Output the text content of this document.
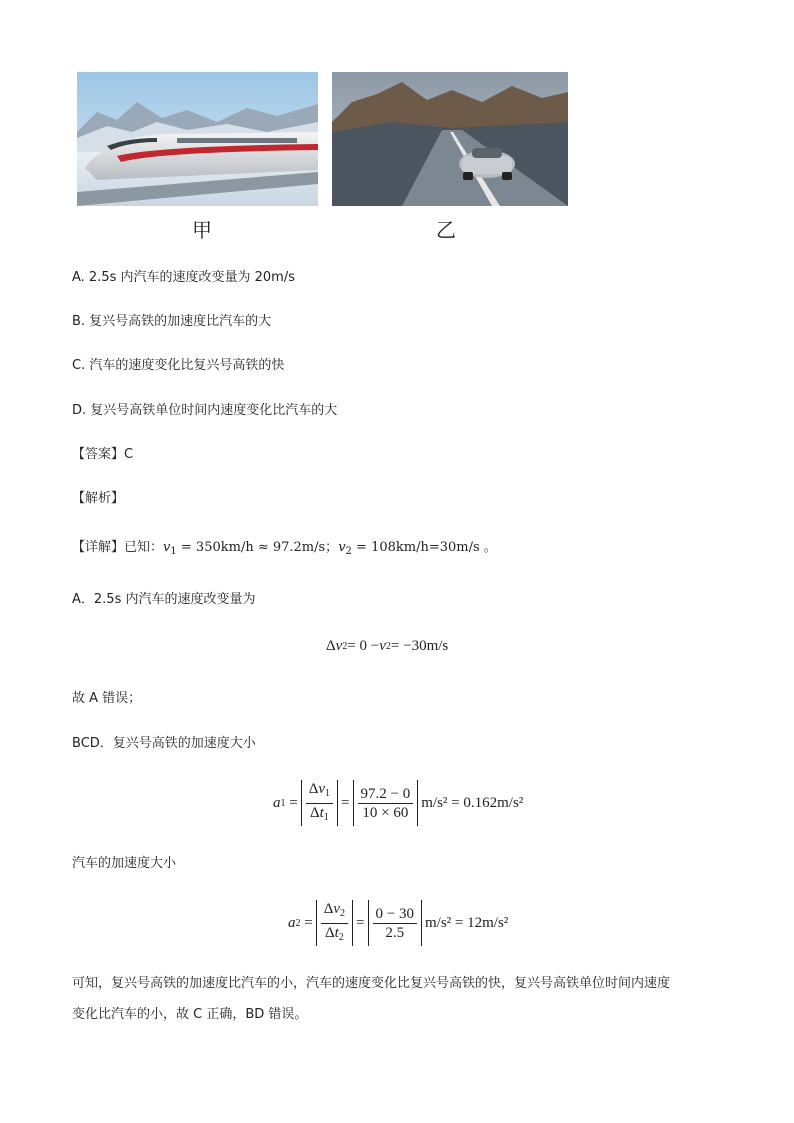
甲	乙
A. 2.5s 内汽车的速度改变量为 20m/s
B. 复兴号高铁的加速度比汽车的大
C. 汽车的速度变化比复兴号高铁的快
D. 复兴号高铁单位时间内速度变化比汽车的大
【答案】C
【解析】
【详解】已知：$v_1 = 350km/h \approx 97.2m/s$；$v_2 = 108km/h=30m/s$ 。
A．2.5s 内汽车的速度改变量为
Δ v 2 = 0 − v 2 = −30m/s
故 A 错误；
BCD．复兴号高铁的加速度大小
a $1 = \frac{\Delta v_1}{\Delta t_1} = \frac{97.2 - 0}{10 \times 60} m/s^2 = 0.162m/s^2$
汽车的加速度大小
a $2 = \frac{\Delta v_2}{\Delta t_2} = \frac{0 - 30}{2.5} m/s^2 = 12m/s^2$
可知，复兴号高铁的加速度比汽车的小，汽车的速度变化比复兴号高铁的快，复兴号高铁单位时间内速度
变化比汽车的小，故 C 正确，BD 错误。
